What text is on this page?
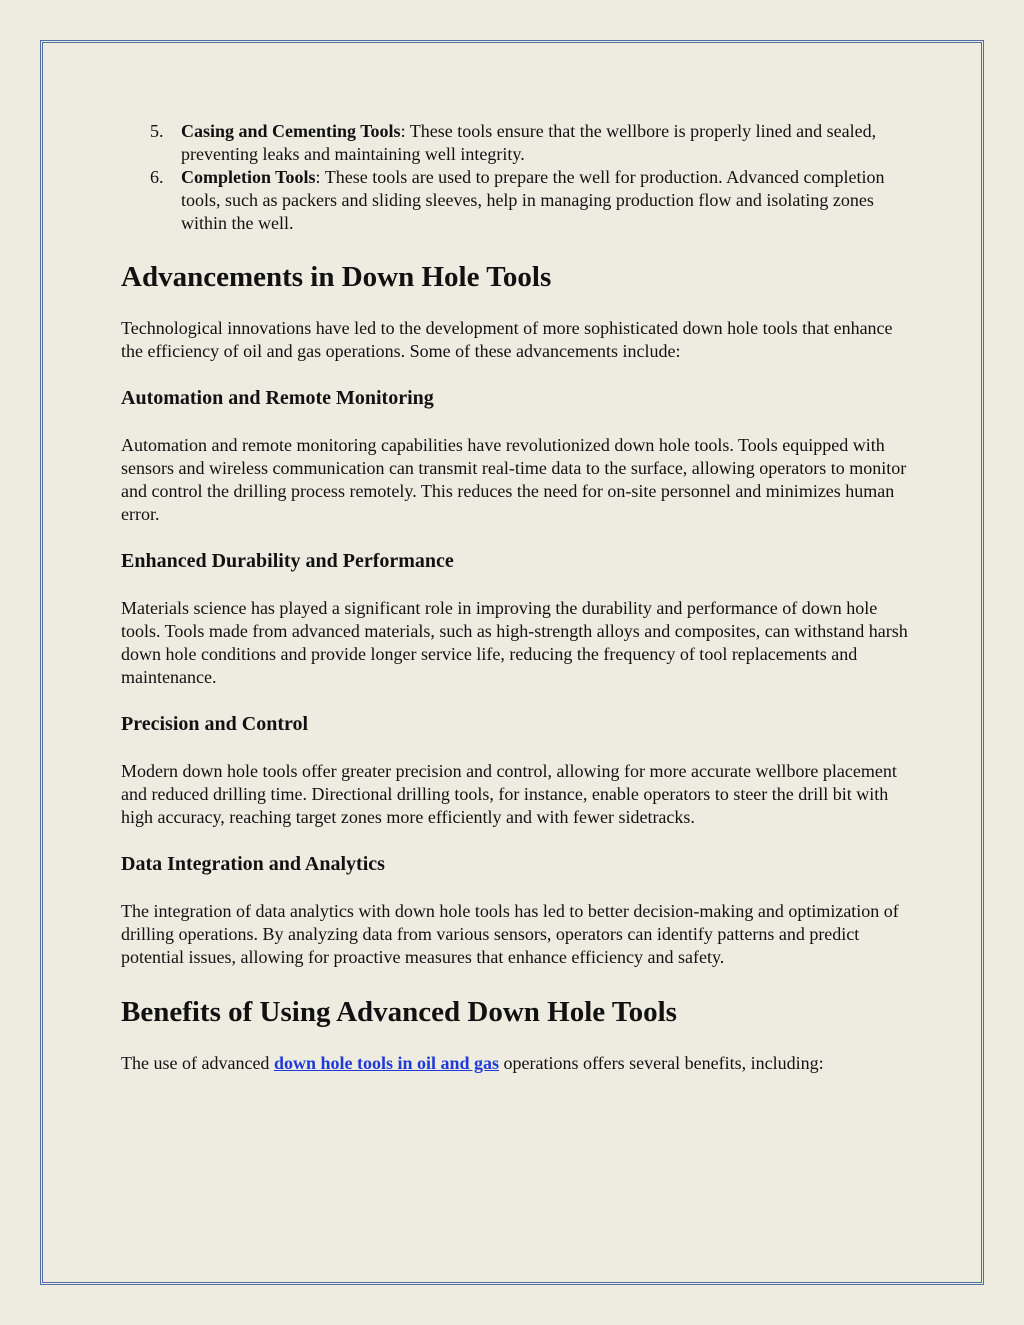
5. Casing and Cementing Tools: These tools ensure that the wellbore is properly lined and sealed, preventing leaks and maintaining well integrity.
6. Completion Tools: These tools are used to prepare the well for production. Advanced completion tools, such as packers and sliding sleeves, help in managing production flow and isolating zones within the well.
Advancements in Down Hole Tools

Technological innovations have led to the development of more sophisticated down hole tools that enhance the efficiency of oil and gas operations. Some of these advancements include:

Automation and Remote Monitoring

Automation and remote monitoring capabilities have revolutionized down hole tools. Tools equipped with sensors and wireless communication can transmit real-time data to the surface, allowing operators to monitor and control the drilling process remotely. This reduces the need for on-site personnel and minimizes human error.

Enhanced Durability and Performance

Materials science has played a significant role in improving the durability and performance of down hole tools. Tools made from advanced materials, such as high-strength alloys and composites, can withstand harsh down hole conditions and provide longer service life, reducing the frequency of tool replacements and maintenance.

Precision and Control

Modern down hole tools offer greater precision and control, allowing for more accurate wellbore placement and reduced drilling time. Directional drilling tools, for instance, enable operators to steer the drill bit with high accuracy, reaching target zones more efficiently and with fewer sidetracks.

Data Integration and Analytics

The integration of data analytics with down hole tools has led to better decision-making and optimization of drilling operations. By analyzing data from various sensors, operators can identify patterns and predict potential issues, allowing for proactive measures that enhance efficiency and safety.

Benefits of Using Advanced Down Hole Tools

The use of advanced down hole tools in oil and gas operations offers several benefits, including:
